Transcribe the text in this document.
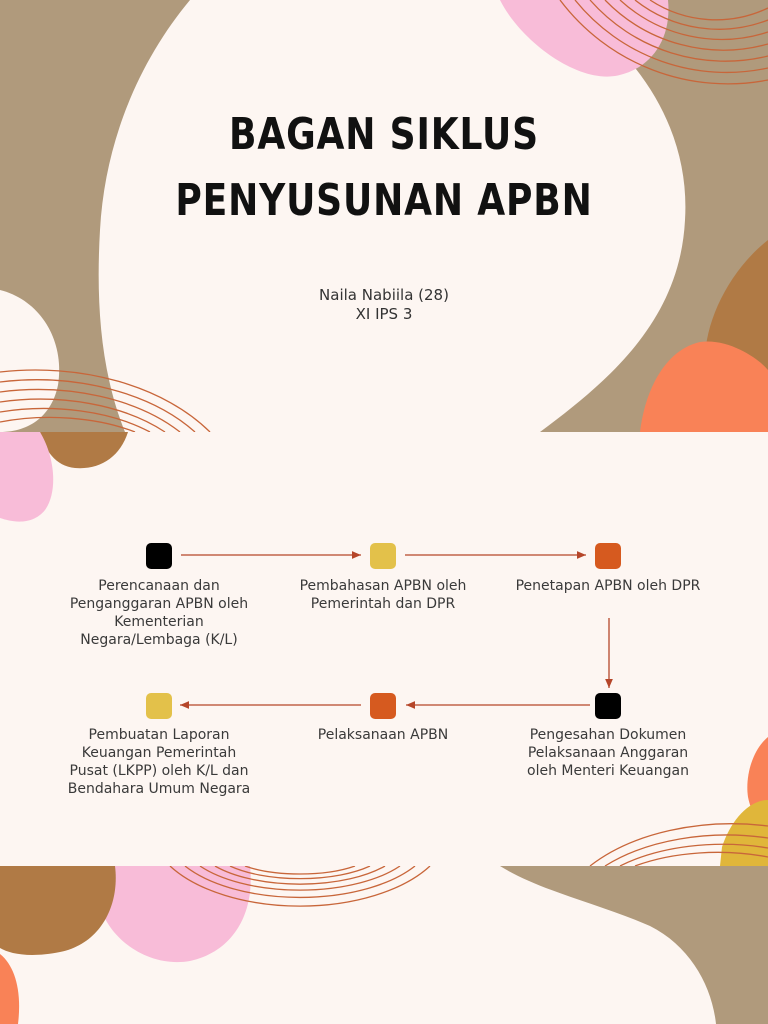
BAGAN SIKLUS
PENYUSUNAN APBN
Naila Nabiila (28)
XI IPS 3
Perencanaan dan Penganggaran APBN oleh Kementerian Negara/Lembaga (K/L)
Pembahasan APBN oleh Pemerintah dan DPR
Penetapan APBN oleh DPR
Pengesahan Dokumen Pelaksanaan Anggaran oleh Menteri Keuangan
Pelaksanaan APBN
Pembuatan Laporan Keuangan Pemerintah Pusat (LKPP) oleh K/L dan Bendahara Umum Negara
